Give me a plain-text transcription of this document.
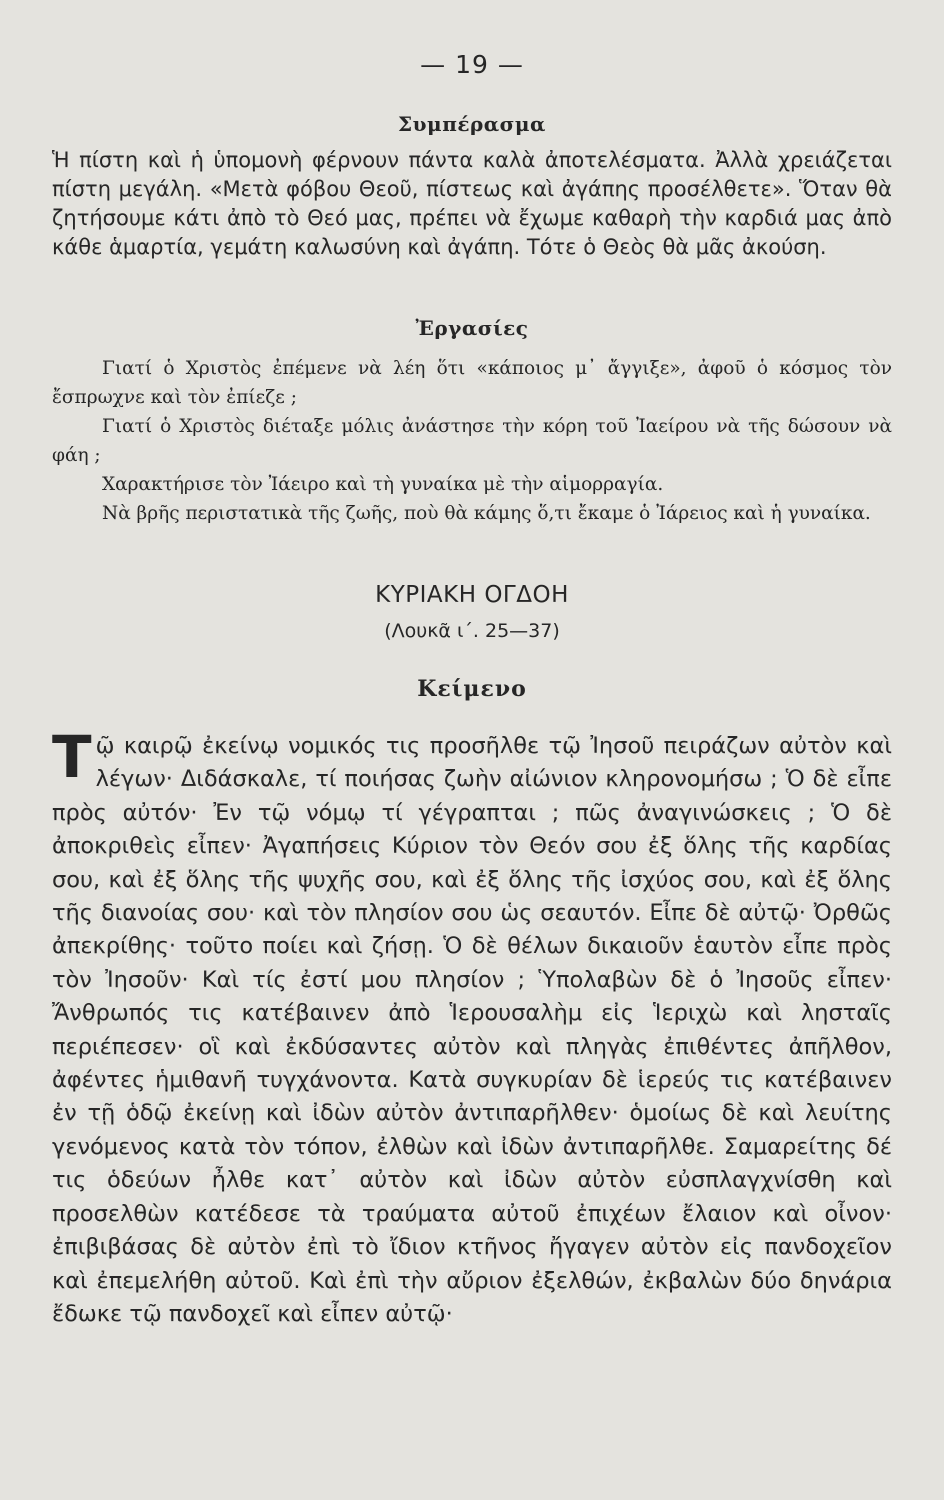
— 19 —
Συμπέρασμα

Ἡ πίστη καὶ ἡ ὑπομονὴ φέρνουν πάντα καλὰ ἀποτελέσματα. Ἀλλὰ χρειάζεται πίστη μεγάλη. «Μετὰ φόβου Θεοῦ, πίστεως καὶ ἀγάπης προσέλθετε». Ὅταν θὰ ζητήσουμε κάτι ἀπὸ τὸ Θεό μας, πρέπει νὰ ἔχωμε καθαρὴ τὴν καρδιά μας ἀπὸ κάθε ἁμαρτία, γεμάτη καλωσύνη καὶ ἀγάπη. Τότε ὁ Θεὸς θὰ μᾶς ἀκούση.

Ἐργασίες

Γιατί ὁ Χριστὸς ἐπέμενε νὰ λέη ὅτι «κάποιος μ᾽ ἄγγιξε», ἀφοῦ ὁ κόσμος τὸν ἔσπρωχνε καὶ τὸν ἐπίεζε ;

Γιατί ὁ Χριστὸς διέταξε μόλις ἀνάστησε τὴν κόρη τοῦ Ἰαείρου νὰ τῆς δώσουν νὰ φάη ;

Χαρακτήρισε τὸν Ἰάειρο καὶ τὴ γυναίκα μὲ τὴν αἱμορραγία.

Νὰ βρῆς περιστατικὰ τῆς ζωῆς, ποὺ θὰ κάμης ὅ,τι ἔκαμε ὁ Ἰάρειος καὶ ἡ γυναίκα.

ΚΥΡΙΑΚΗ ΟΓΔΟΗ
(Λουκᾶ ι΄. 25—37)
Κείμενο

Τῷ καιρῷ ἐκείνῳ νομικός τις προσῆλθε τῷ Ἰησοῦ πειράζων αὐτὸν καὶ λέγων· Διδάσκαλε, τί ποιήσας ζωὴν αἰώνιον κληρονομήσω ; Ὁ δὲ εἶπε πρὸς αὐτόν· Ἐν τῷ νόμῳ τί γέγραπται ; πῶς ἀναγινώσκεις ; Ὁ δὲ ἀποκριθεὶς εἶπεν· Ἀγαπήσεις Κύριον τὸν Θεόν σου ἐξ ὅλης τῆς καρδίας σου, καὶ ἐξ ὅλης τῆς ψυχῆς σου, καὶ ἐξ ὅλης τῆς ἰσχύος σου, καὶ ἐξ ὅλης τῆς διανοίας σου· καὶ τὸν πλησίον σου ὡς σεαυτόν. Εἶπε δὲ αὐτῷ· Ὀρθῶς ἀπεκρίθης· τοῦτο ποίει καὶ ζήσῃ. Ὁ δὲ θέλων δικαιοῦν ἑαυτὸν εἶπε πρὸς τὸν Ἰησοῦν· Καὶ τίς ἐστί μου πλησίον ; Ὑπολαβὼν δὲ ὁ Ἰησοῦς εἶπεν· Ἄνθρωπός τις κατέβαινεν ἀπὸ Ἱερουσαλὴμ εἰς Ἱεριχὼ καὶ λησταῖς περιέπεσεν· οἳ καὶ ἐκδύσαντες αὐτὸν καὶ πληγὰς ἐπιθέντες ἀπῆλθον, ἀφέντες ἡμιθανῆ τυγχάνοντα. Κατὰ συγκυρίαν δὲ ἱερεύς τις κατέβαινεν ἐν τῇ ὁδῷ ἐκείνῃ καὶ ἰδὼν αὐτὸν ἀντιπαρῆλθεν· ὁμοίως δὲ καὶ λευίτης γενόμενος κατὰ τὸν τόπον, ἐλθὼν καὶ ἰδὼν ἀντιπαρῆλθε. Σαμαρείτης δέ τις ὁδεύων ἦλθε κατ᾽ αὐτὸν καὶ ἰδὼν αὐτὸν εὐσπλαγχνίσθη καὶ προσελθὼν κατέδεσε τὰ τραύματα αὐτοῦ ἐπιχέων ἔλαιον καὶ οἶνον· ἐπιβιβάσας δὲ αὐτὸν ἐπὶ τὸ ἴδιον κτῆνος ἤγαγεν αὐτὸν εἰς πανδοχεῖον καὶ ἐπεμελήθη αὐτοῦ. Καὶ ἐπὶ τὴν αὔριον ἐξελθών, ἐκβαλὼν δύο δηνάρια ἔδωκε τῷ πανδοχεῖ καὶ εἶπεν αὐτῷ·
